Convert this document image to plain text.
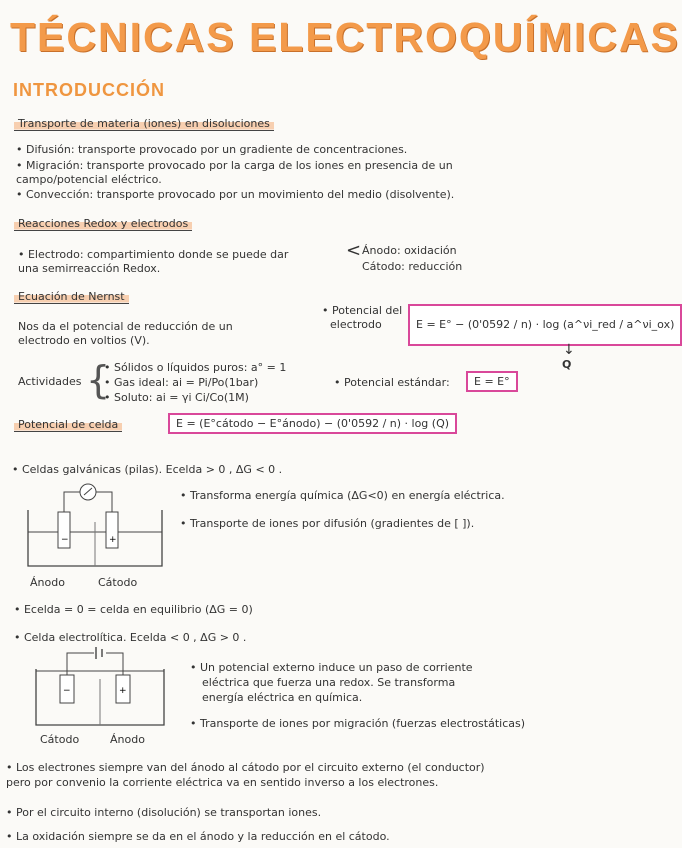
TÉCNICAS ELECTROQUÍMICAS
INTRODUCCIÓN
Transporte de materia (iones) en disoluciones
• Difusión: transporte provocado por un gradiente de concentraciones.
• Migración: transporte provocado por la carga de los iones en presencia de un
campo/potencial eléctrico.
• Convección: transporte provocado por un movimiento del medio (disolvente).
Reacciones Redox y electrodos
• Electrodo: compartimiento donde se puede dar
una semirreacción Redox.
< Ánodo: oxidación
Cátodo: reducción
Ecuación de Nernst
Nos da el potencial de reducción de un
electrodo en voltios (V).
• Potencial del
electrodo	E = E° − (0'0592 / n) · log (a^νi_red / a^νi_ox)
↓
Q
Actividades {
• Sólidos o líquidos puros: a° = 1
• Gas ideal: ai = Pi/Po(1bar)
• Soluto: ai = γi Ci/Co(1M)
• Potencial estándar:	E = E°
Potencial de celda	E = (E°cátodo − E°ánodo) − (0'0592 / n) · log (Q)
• Celdas galvánicas (pilas). Ecelda > 0 , ΔG < 0 .
−	+
Ánodo	Cátodo
• Transforma energía química (ΔG<0) en energía eléctrica.
• Transporte de iones por difusión (gradientes de [ ]).
• Ecelda = 0 = celda en equilibrio (ΔG = 0)
• Celda electrolítica. Ecelda < 0 , ΔG > 0 .
−	+
Cátodo	Ánodo
• Un potencial externo induce un paso de corriente
eléctrica que fuerza una redox. Se transforma
energía eléctrica en química.
• Transporte de iones por migración (fuerzas electrostáticas)
• Los electrones siempre van del ánodo al cátodo por el circuito externo (el conductor)
pero por convenio la corriente eléctrica va en sentido inverso a los electrones.
• Por el circuito interno (disolución) se transportan iones.
• La oxidación siempre se da en el ánodo y la reducción en el cátodo.
